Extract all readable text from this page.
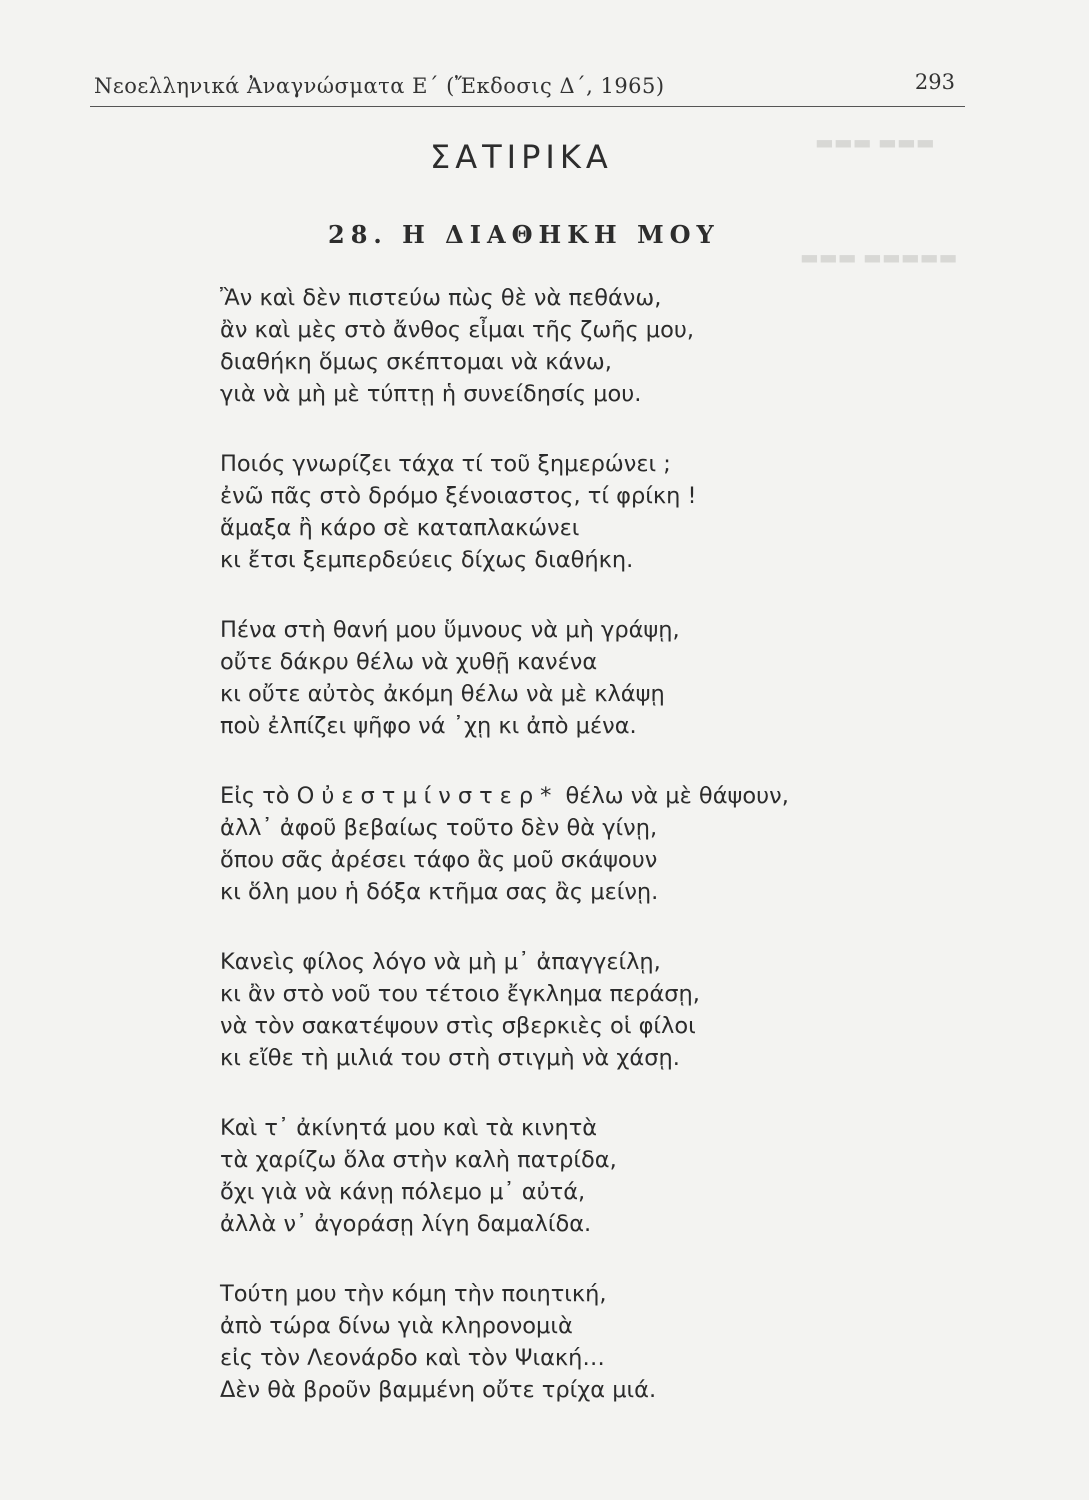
▬▬▬ ▬▬▬
▬▬▬ ▬▬▬▬▬
Νεοελληνικά Ἀναγνώσματα Ε΄ (Ἔκδοσις Δ΄, 1965)	293
ΣΑΤΙΡΙΚΑ
28. Η ΔΙΑΘΗΚΗ ΜΟΥ
Ἂν καὶ δὲν πιστεύω πὼς θὲ νὰ πεθάνω,
ἂν καὶ μὲς στὸ ἄνθος εἶμαι τῆς ζωῆς μου,
διαθήκη ὅμως σκέπτομαι νὰ κάνω,
γιὰ νὰ μὴ μὲ τύπτῃ ἡ συνείδησίς μου.
Ποιός γνωρίζει τάχα τί τοῦ ξημερώνει ;
ἐνῶ πᾶς στὸ δρόμο ξένοιαστος, τί φρίκη !
ἅμαξα ἢ κάρο σὲ καταπλακώνει
κι ἔτσι ξεμπερδεύεις δίχως διαθήκη.
Πένα στὴ θανή μου ὕμνους νὰ μὴ γράψῃ,
οὔτε δάκρυ θέλω νὰ χυθῇ κανένα
κι οὔτε αὐτὸς ἀκόμη θέλω νὰ μὲ κλάψῃ
ποὺ ἐλπίζει ψῆφο νά ᾿χῃ κι ἀπὸ μένα.
Εἰς τὸ Οὐεστμίνστερ* θέλω νὰ μὲ θάψουν,
ἀλλ᾿ ἀφοῦ βεβαίως τοῦτο δὲν θὰ γίνῃ,
ὅπου σᾶς ἀρέσει τάφο ἂς μοῦ σκάψουν
κι ὅλη μου ἡ δόξα κτῆμα σας ἂς μείνῃ.
Κανεὶς φίλος λόγο νὰ μὴ μ᾿ ἀπαγγείλῃ,
κι ἂν στὸ νοῦ του τέτοιο ἔγκλημα περάσῃ,
νὰ τὸν σακατέψουν στὶς σβερκιὲς οἱ φίλοι
κι εἴθε τὴ μιλιά του στὴ στιγμὴ νὰ χάσῃ.
Καὶ τ᾿ ἀκίνητά μου καὶ τὰ κινητὰ
τὰ χαρίζω ὅλα στὴν καλὴ πατρίδα,
ὄχι γιὰ νὰ κάνῃ πόλεμο μ᾿ αὐτά,
ἀλλὰ ν᾿ ἀγοράσῃ λίγη δαμαλίδα.
Τούτη μου τὴν κόμη τὴν ποιητική,
ἀπὸ τώρα δίνω γιὰ κληρονομιὰ
εἰς τὸν Λεονάρδο καὶ τὸν Ψιακή…
Δὲν θὰ βροῦν βαμμένη οὔτε τρίχα μιά.
